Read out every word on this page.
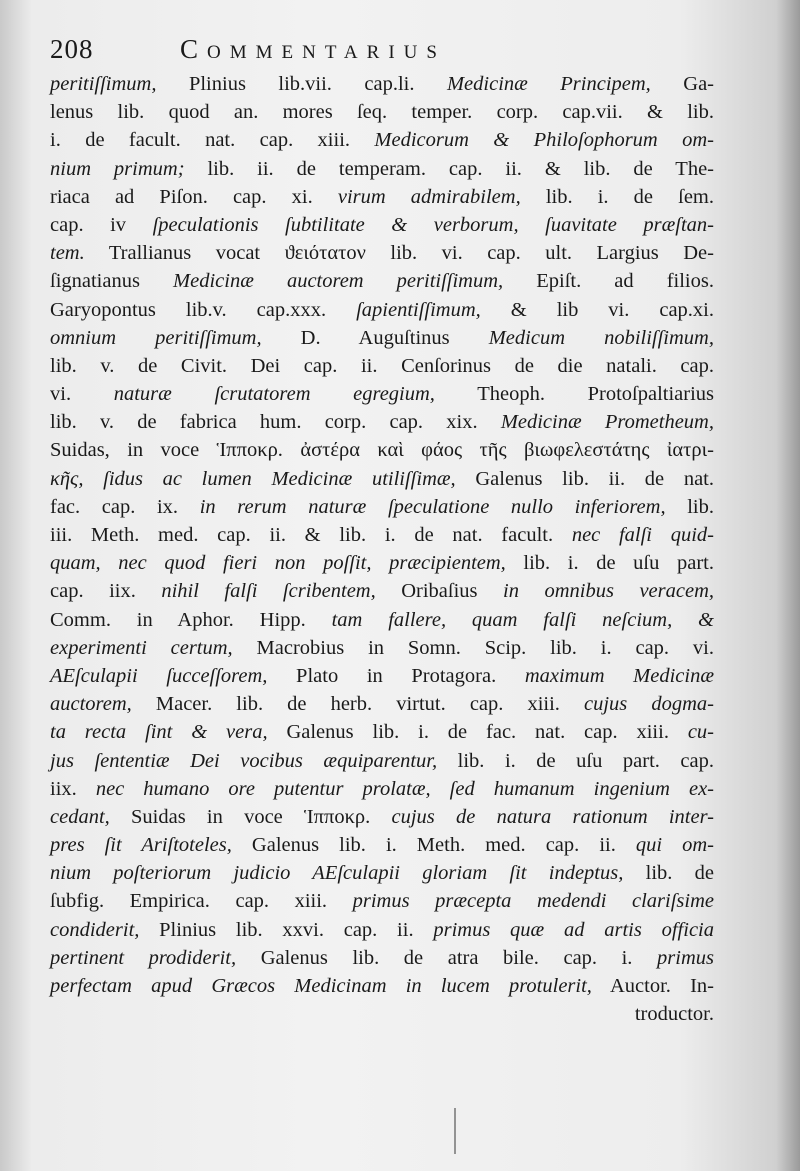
208	Commentarius
peritiſſimum, Plinius lib.vii. cap.li. Medicinæ Principem, Ga-
lenus lib. quod an. mores ſeq. temper. corp. cap.vii. & lib.
i. de facult. nat. cap. xiii. Medicorum & Philoſophorum om-
nium primum; lib. ii. de temperam. cap. ii. & lib. de The-
riaca ad Piſon. cap. xi. virum admirabilem, lib. i. de ſem.
cap. iv ſpeculationis ſubtilitate & verborum, ſuavitate præſtan-
tem. Trallianus vocat ϑειότατον lib. vi. cap. ult. Largius De-
ſignatianus Medicinæ auctorem peritiſſimum, Epiſt. ad filios.
Garyopontus lib.v. cap.xxx. ſapientiſſimum, & lib vi. cap.xi.
omnium peritiſſimum, D. Auguſtinus Medicum nobiliſſimum,
lib. v. de Civit. Dei cap. ii. Cenſorinus de die natali. cap.
vi. naturæ ſcrutatorem egregium, Theoph. Protoſpaltiarius
lib. v. de fabrica hum. corp. cap. xix. Medicinæ Prometheum,
Suidas, in voce Ἱπποκρ. ἀστέρα καὶ φάος τῆς βιωφελεστάτης ἰατρι-
κῆς, ſidus ac lumen Medicinæ utiliſſimæ, Galenus lib. ii. de nat.
fac. cap. ix. in rerum naturæ ſpeculatione nullo inferiorem, lib.
iii. Meth. med. cap. ii. & lib. i. de nat. facult. nec falſi quid-
quam, nec quod fieri non poſſit, præcipientem, lib. i. de uſu part.
cap. iix. nihil falſi ſcribentem, Oribaſius in omnibus veracem,
Comm. in Aphor. Hipp. tam fallere, quam falſi neſcium, &
experimenti certum, Macrobius in Somn. Scip. lib. i. cap. vi.
AEſculapii ſucceſſorem, Plato in Protagora. maximum Medicinæ
auctorem, Macer. lib. de herb. virtut. cap. xiii. cujus dogma-
ta recta ſint & vera, Galenus lib. i. de fac. nat. cap. xiii. cu-
jus ſententiæ Dei vocibus æquiparentur, lib. i. de uſu part. cap.
iix. nec humano ore putentur prolatæ, ſed humanum ingenium ex-
cedant, Suidas in voce Ἱπποκρ. cujus de natura rationum inter-
pres ſit Ariſtoteles, Galenus lib. i. Meth. med. cap. ii. qui om-
nium poſteriorum judicio AEſculapii gloriam ſit indeptus, lib. de
ſubfig. Empirica. cap. xiii. primus præcepta medendi clariſsime
condiderit, Plinius lib. xxvi. cap. ii. primus quæ ad artis officia
pertinent prodiderit, Galenus lib. de atra bile. cap. i. primus
perfectam apud Græcos Medicinam in lucem protulerit, Auctor. In-
troductor.
